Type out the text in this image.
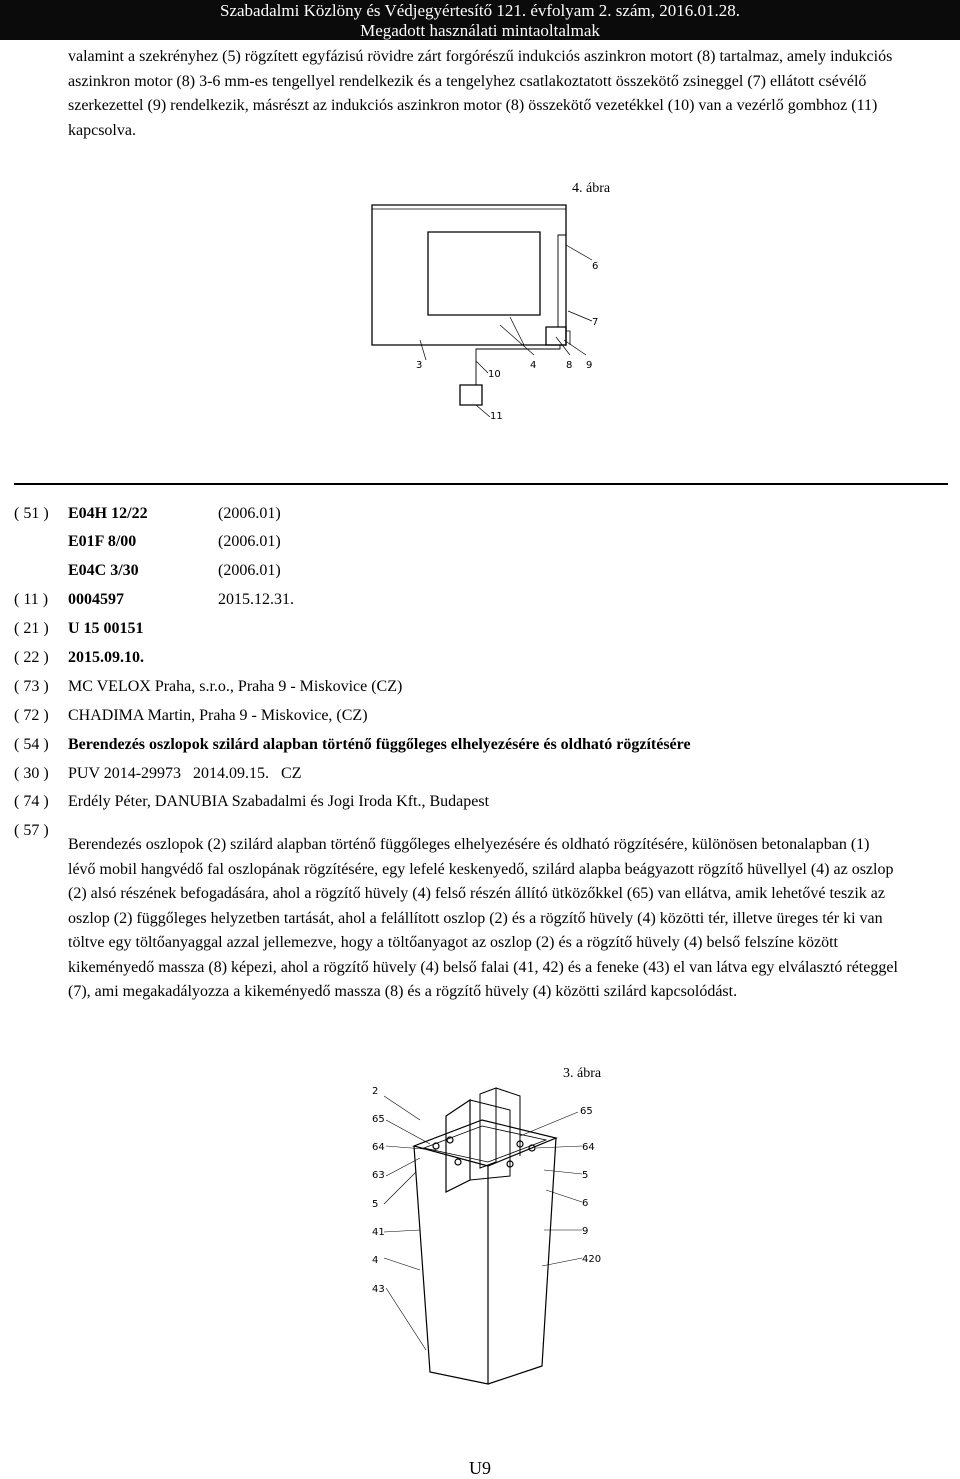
Szabadalmi Közlöny és Védjegyértesítő 121. évfolyam 2. szám, 2016.01.28.
Megadott használati mintaoltalmak
valamint a szekrényhez (5) rögzített egyfázisú rövidre zárt forgórészű indukciós aszinkron motort (8) tartalmaz, amely indukciós aszinkron motor (8) 3-6 mm-es tengellyel rendelkezik és a tengelyhez csatlakoztatott összekötő zsineggel (7) ellátott csévélő szerkezettel (9) rendelkezik, másrészt az indukciós aszinkron motor (8) összekötő vezetékkel (10) van a vezérlő gombhoz (11) kapcsolva.
4. ábra
6
7
3
10
4	8 9
11
( 51 ) E04H 12/22	(2006.01)
E01F 8/00	(2006.01)
E04C 3/30	(2006.01)
( 11 ) 0004597	2015.12.31.
( 21 ) U 15 00151
( 22 ) 2015.09.10.
( 73 ) MC VELOX Praha, s.r.o., Praha 9 - Miskovice (CZ)
( 72 ) CHADIMA Martin, Praha 9 - Miskovice, (CZ)
( 54 ) Berendezés oszlopok szilárd alapban történő függőleges elhelyezésére és oldható rögzítésére
( 30 ) PUV 2014-29973   2014.09.15.   CZ
( 74 ) Erdély Péter, DANUBIA Szabadalmi és Jogi Iroda Kft., Budapest
( 57 )
Berendezés oszlopok (2) szilárd alapban történő függőleges elhelyezésére és oldható rögzítésére, különösen betonalapban (1) lévő mobil hangvédő fal oszlopának rögzítésére, egy lefelé keskenyedő, szilárd alapba beágyazott rögzítő hüvellyel (4) az oszlop (2) alsó részének befogadására, ahol a rögzítő hüvely (4) felső részén állító ütközőkkel (65) van ellátva, amik lehetővé teszik az oszlop (2) függőleges helyzetben tartását, ahol a felállított oszlop (2) és a rögzítő hüvely (4) közötti tér, illetve üreges tér ki van töltve egy töltőanyaggal azzal jellemezve, hogy a töltőanyagot az oszlop (2) és a rögzítő hüvely (4) belső felszíne között kikeményedő massza (8) képezi, ahol a rögzítő hüvely (4) belső falai (41, 42) és a feneke (43) el van látva egy elválasztó réteggel (7), ami megakadályozza a kikeményedő massza (8) és a rögzítő hüvely (4) közötti szilárd kapcsolódást.
3. ábra
2
65
64
63
5
41
4
43
65
64
5
6
9
420
U9
